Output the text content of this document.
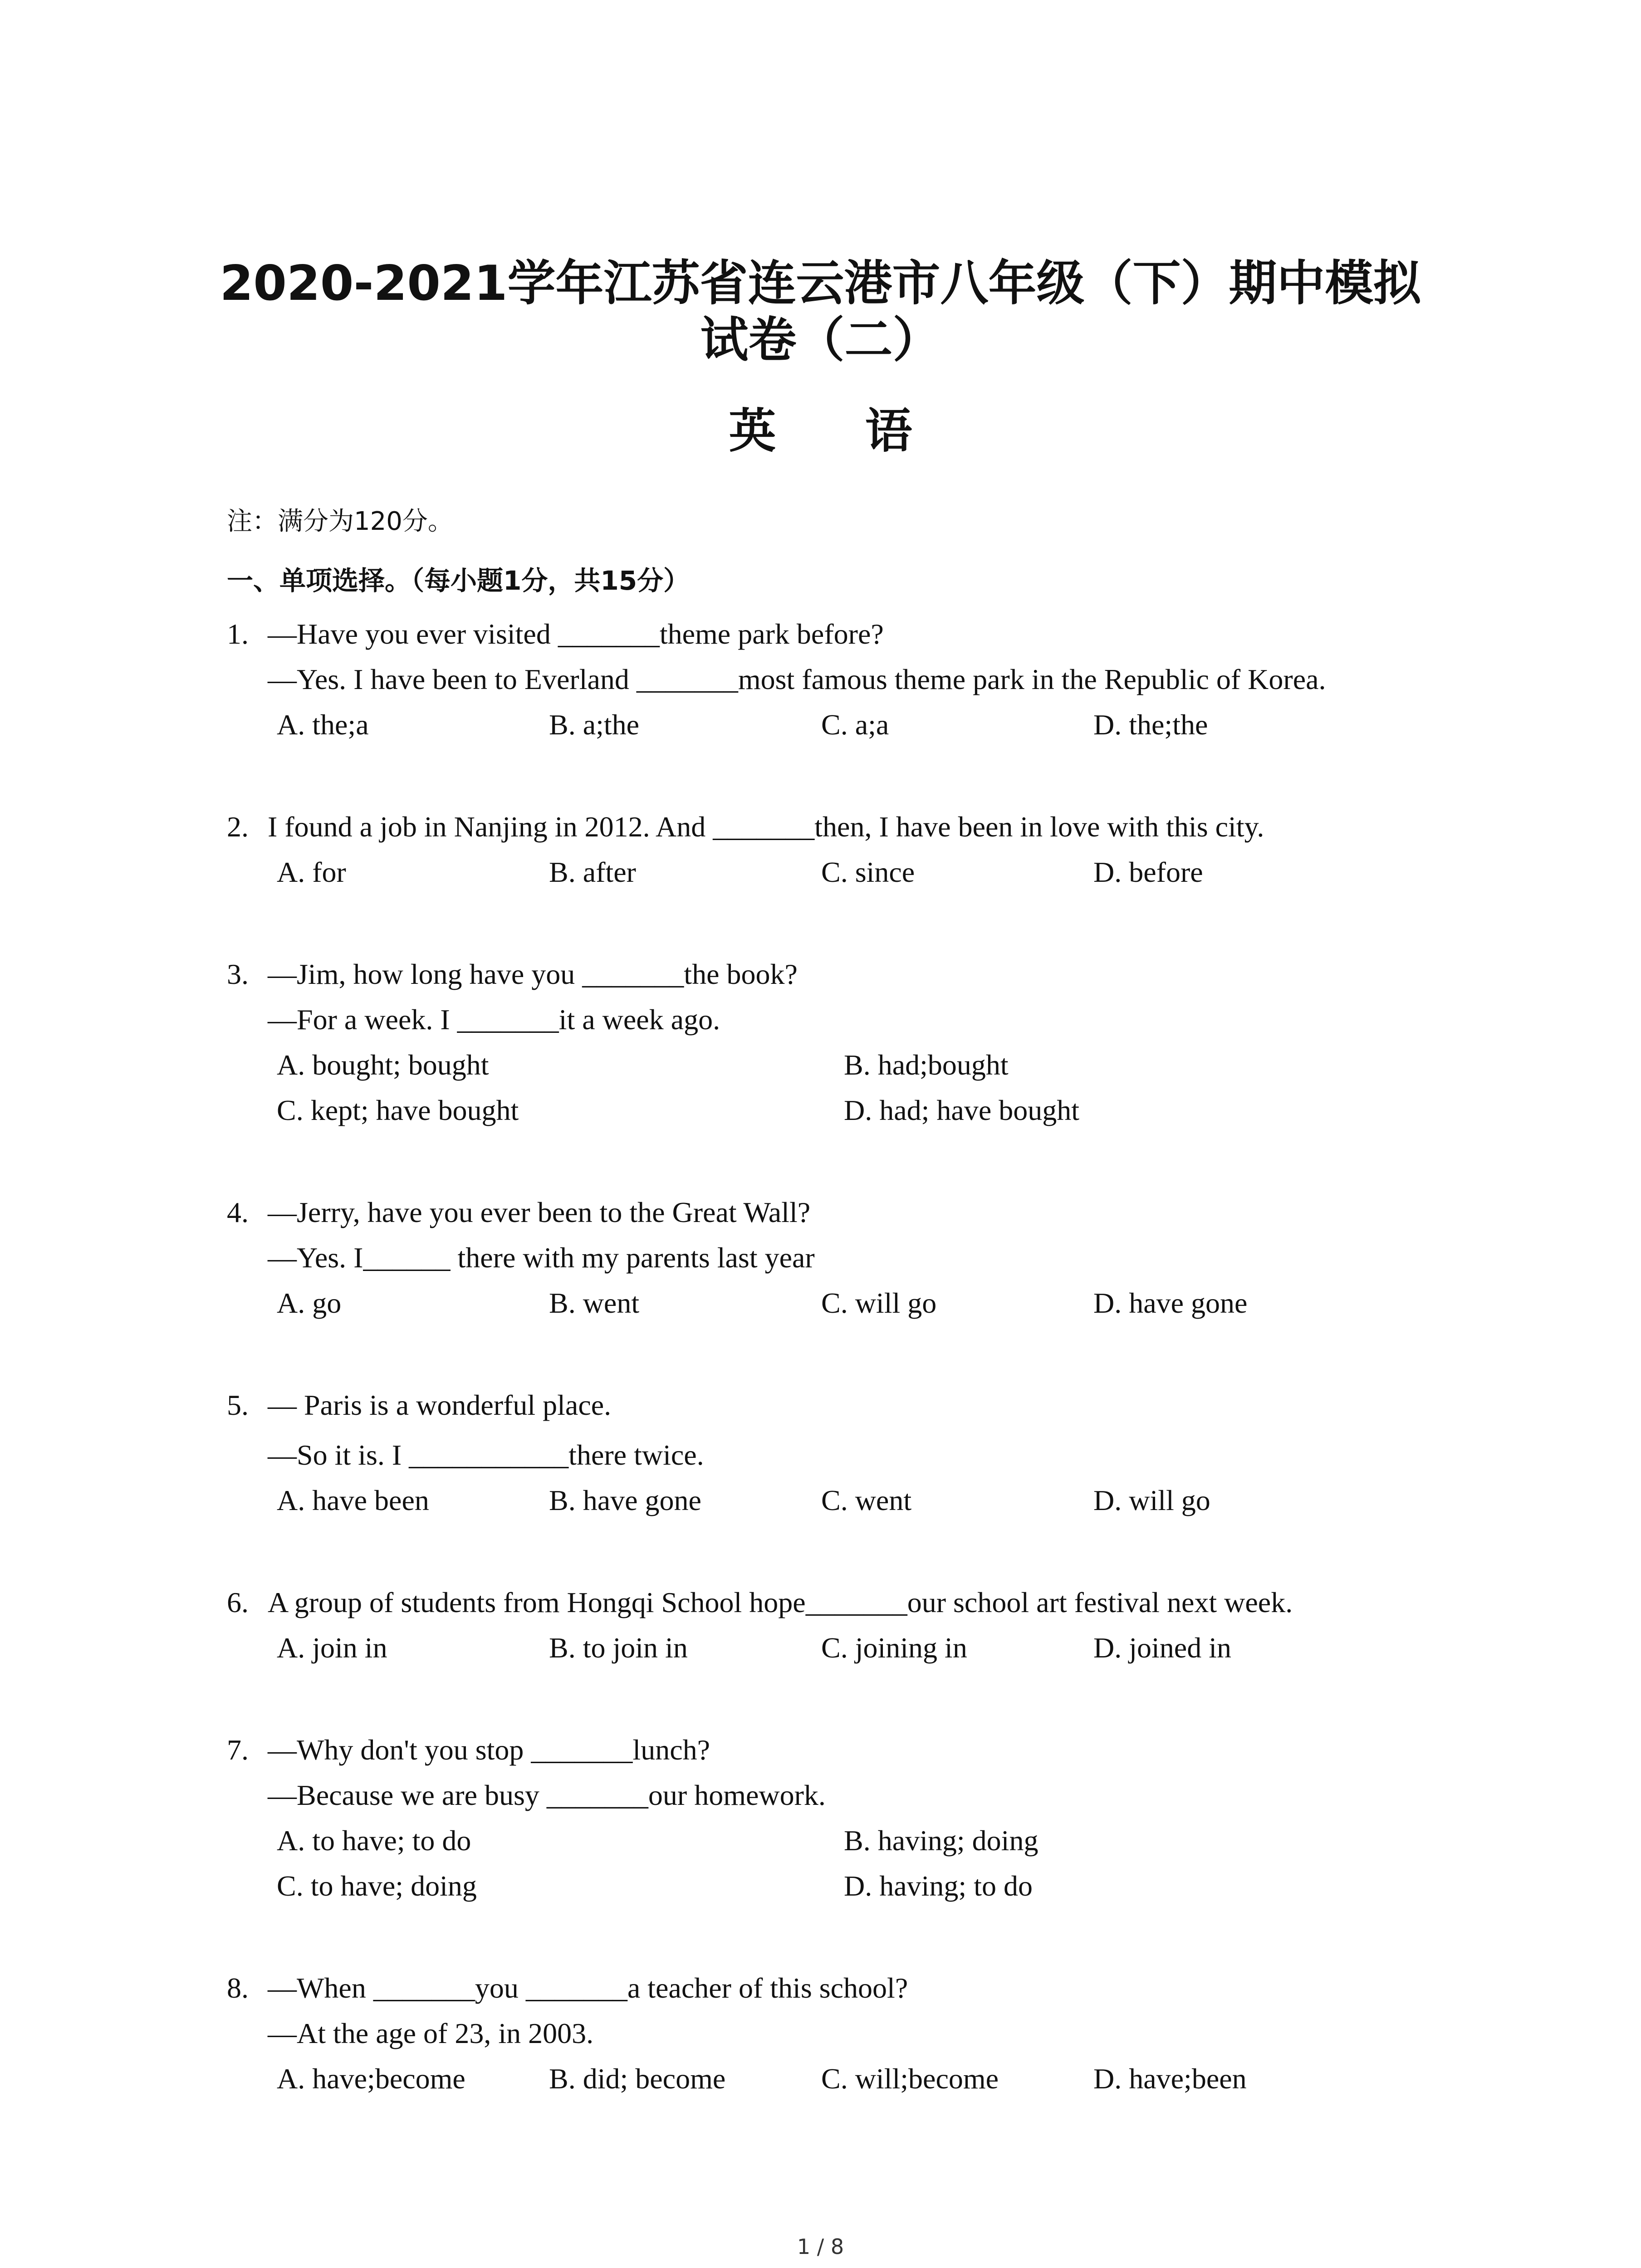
2020-2021学年江苏省连云港市八年级（下）期中模拟
试卷（二）
英 语
注：满分为120分。
一、单项选择。（每小题1分，共15分）
1. —Have you ever visited _______theme park before?
—Yes. I have been to Everland _______most famous theme park in the Republic of Korea.
A. the;a	B. a;the	C. a;a	D. the;the
2. I found a job in Nanjing in 2012. And _______then, I have been in love with this city.
A. for	B. after	C. since	D. before
3. —Jim, how long have you _______the book?
—For a week. I _______it a week ago.
A. bought; bought	B. had;bought
C. kept; have bought	D. had; have bought
4. —Jerry, have you ever been to the Great Wall?
—Yes. I______ there with my parents last year
A. go	B. went	C. will go	D. have gone
5. — Paris is a wonderful place.
—So it is. I ___________there twice.
A. have been	B. have gone	C. went	D. will go
6. A group of students from Hongqi School hope_______our school art festival next week.
A. join in	B. to join in	C. joining in	D. joined in
7. —Why don't you stop _______lunch?
—Because we are busy _______our homework.
A. to have; to do	B. having; doing
C. to have; doing	D. having; to do
8. —When _______you _______a teacher of this school?
—At the age of 23, in 2003.
A. have;become	B. did; become	C. will;become	D. have;been
1 / 8
